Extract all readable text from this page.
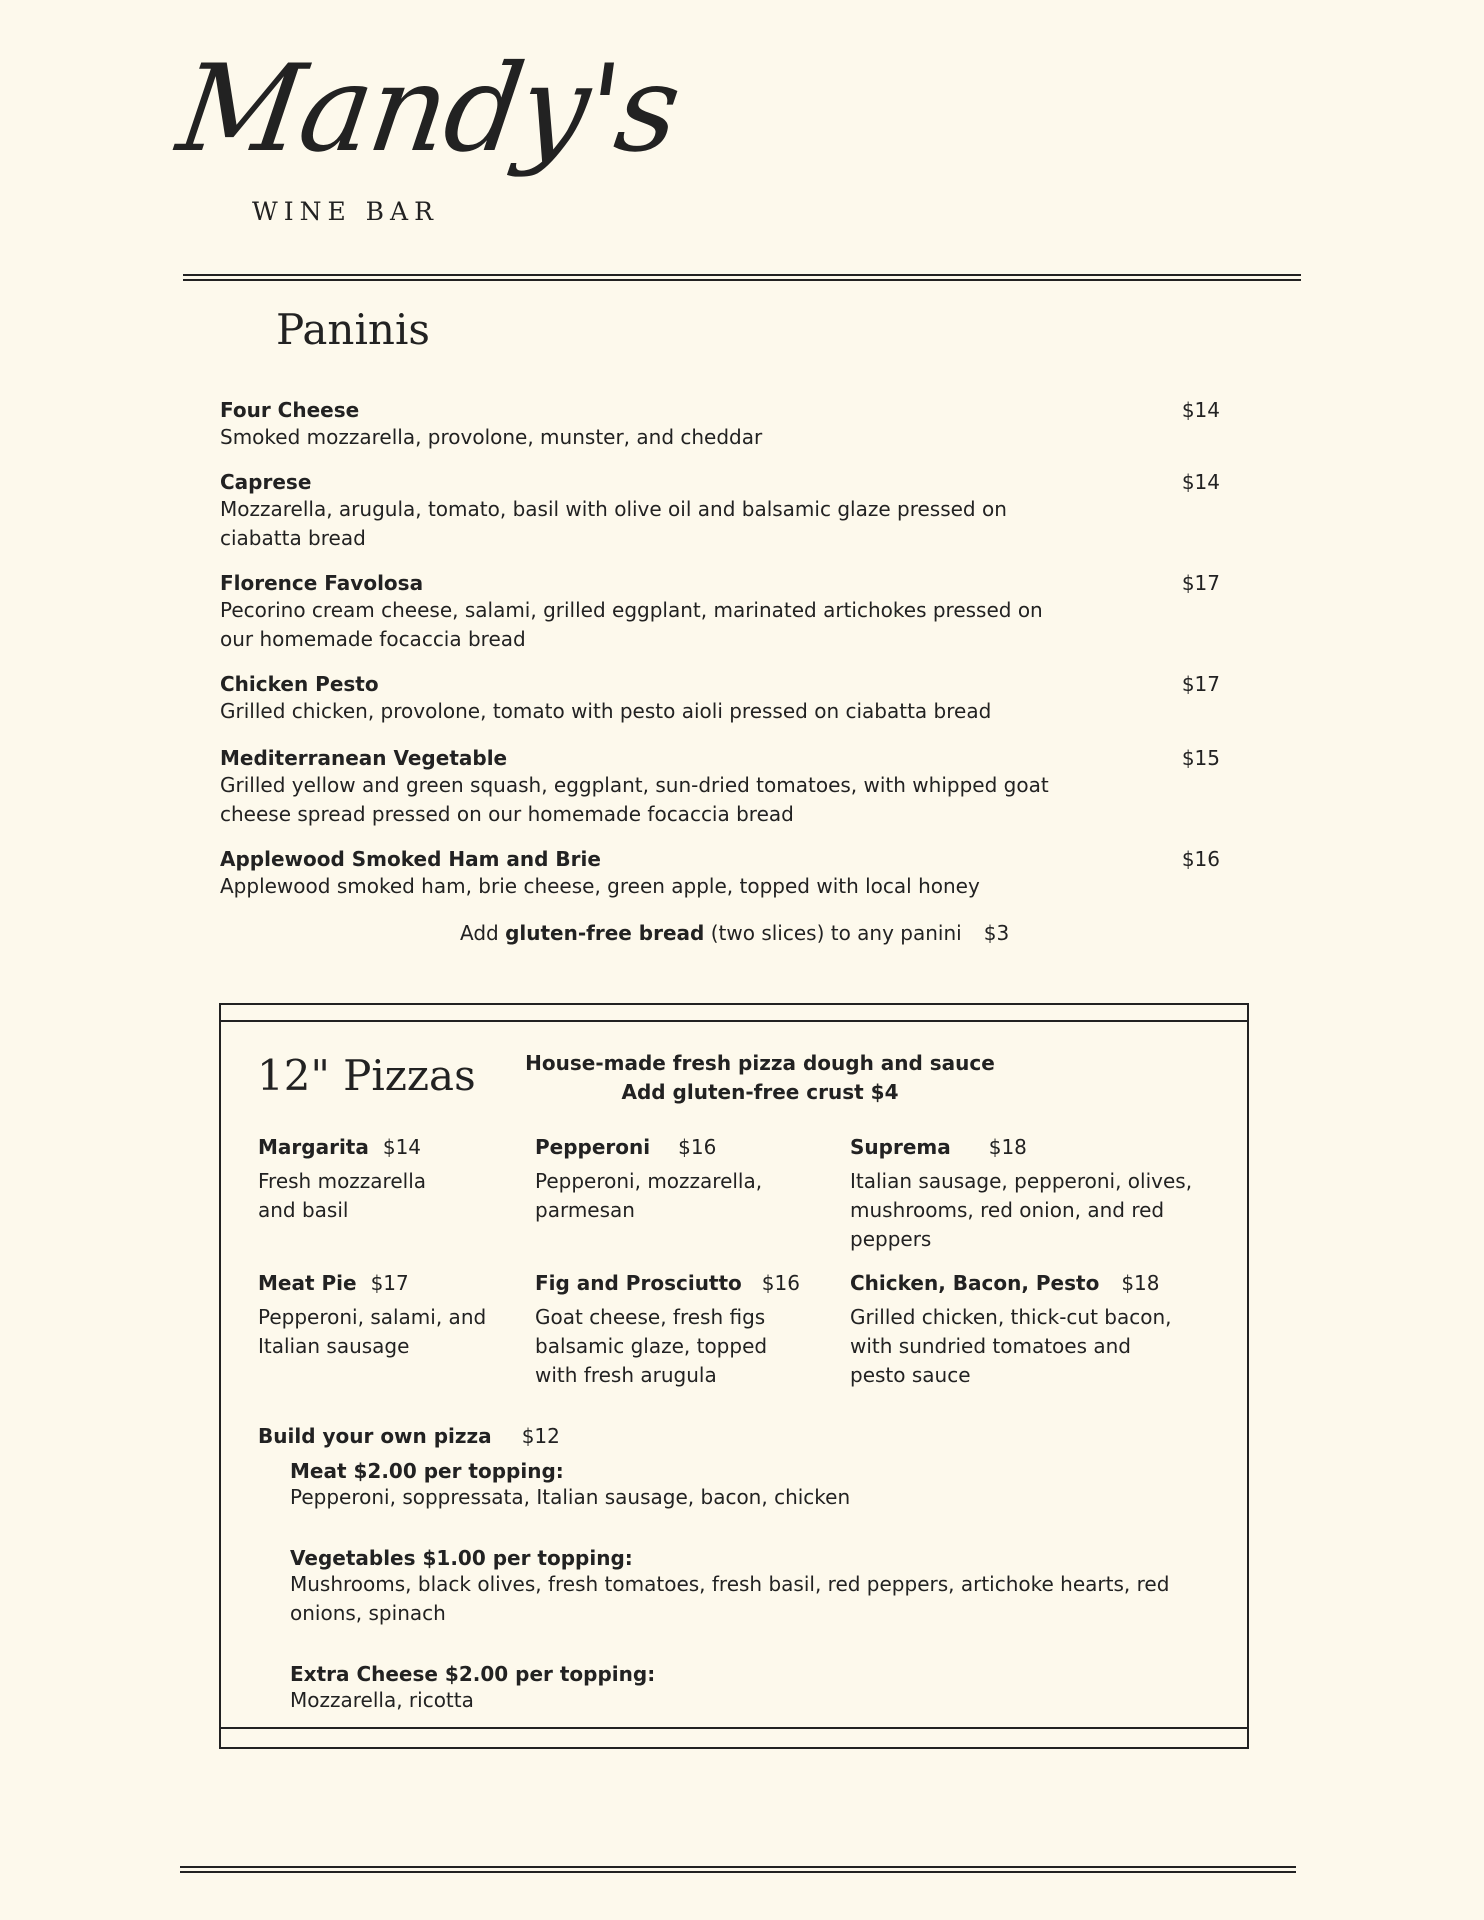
Mandy's
WINE BAR
Paninis
Four Cheese
Smoked mozzarella, provolone, munster, and cheddar
$14
Caprese
Mozzarella, arugula, tomato, basil with olive oil and balsamic glaze pressed on ciabatta bread
$14
Florence Favolosa
Pecorino cream cheese, salami, grilled eggplant, marinated artichokes pressed on our homemade focaccia bread
$17
Chicken Pesto
Grilled chicken, provolone, tomato with pesto aioli pressed on ciabatta bread
$17
Mediterranean Vegetable
Grilled yellow and green squash, eggplant, sun-dried tomatoes, with whipped goat cheese spread pressed on our homemade focaccia bread
$15
Applewood Smoked Ham and Brie
Applewood smoked ham, brie cheese, green apple, topped with local honey
$16
Add gluten-free bread (two slices) to any panini $3
12" Pizzas	House-made fresh pizza dough and sauce
Add gluten-free crust $4
Margarita $14
Fresh mozzarella and basil
Pepperoni $16
Pepperoni, mozzarella, parmesan
Suprema $18
Italian sausage, pepperoni, olives, mushrooms, red onion, and red peppers
Meat Pie $17
Pepperoni, salami, and Italian sausage
Fig and Prosciutto $16
Goat cheese, fresh figs balsamic glaze, topped with fresh arugula
Chicken, Bacon, Pesto $18
Grilled chicken, thick-cut bacon, with sundried tomatoes and pesto sauce
Build your own pizza $12
Meat $2.00 per topping:
Pepperoni, soppressata, Italian sausage, bacon, chicken
Vegetables $1.00 per topping:
Mushrooms, black olives, fresh tomatoes, fresh basil, red peppers, artichoke hearts, red onions, spinach
Extra Cheese $2.00 per topping:
Mozzarella, ricotta
